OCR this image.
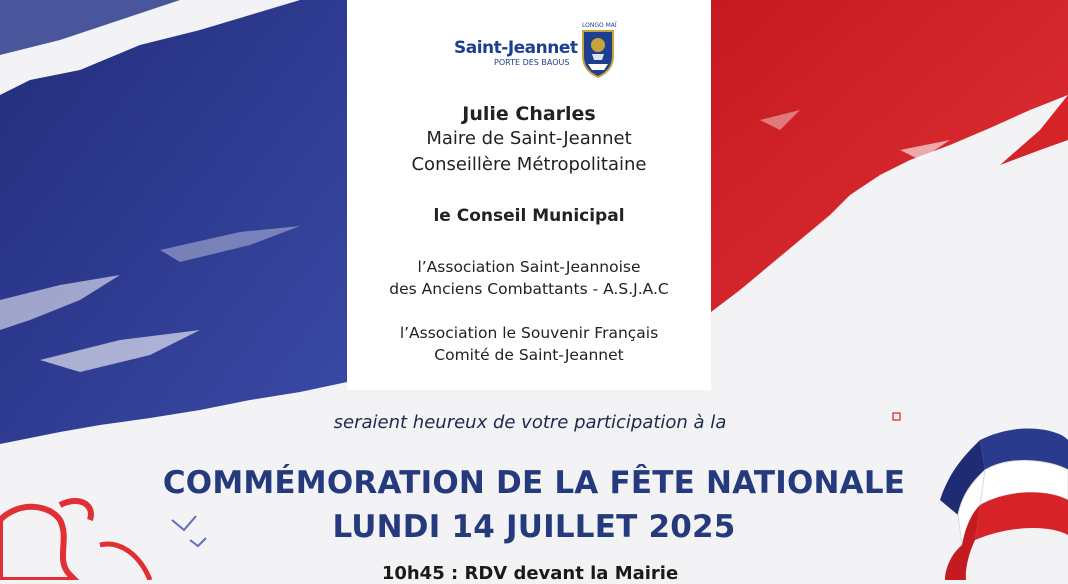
LONGO MAÏ
Saint-Jeannet
PORTE DES BAOUS
Julie Charles
Maire de Saint-Jeannet
Conseillère Métropolitaine
le Conseil Municipal
l’Association Saint-Jeannoise
des Anciens Combattants - A.S.J.A.C
l’Association le Souvenir Français
Comité de Saint-Jeannet
seraient heureux de votre participation à la
COMMÉMORATION DE LA FÊTE NATIONALE
LUNDI 14 JUILLET 2025
10h45 : RDV devant la Mairie
